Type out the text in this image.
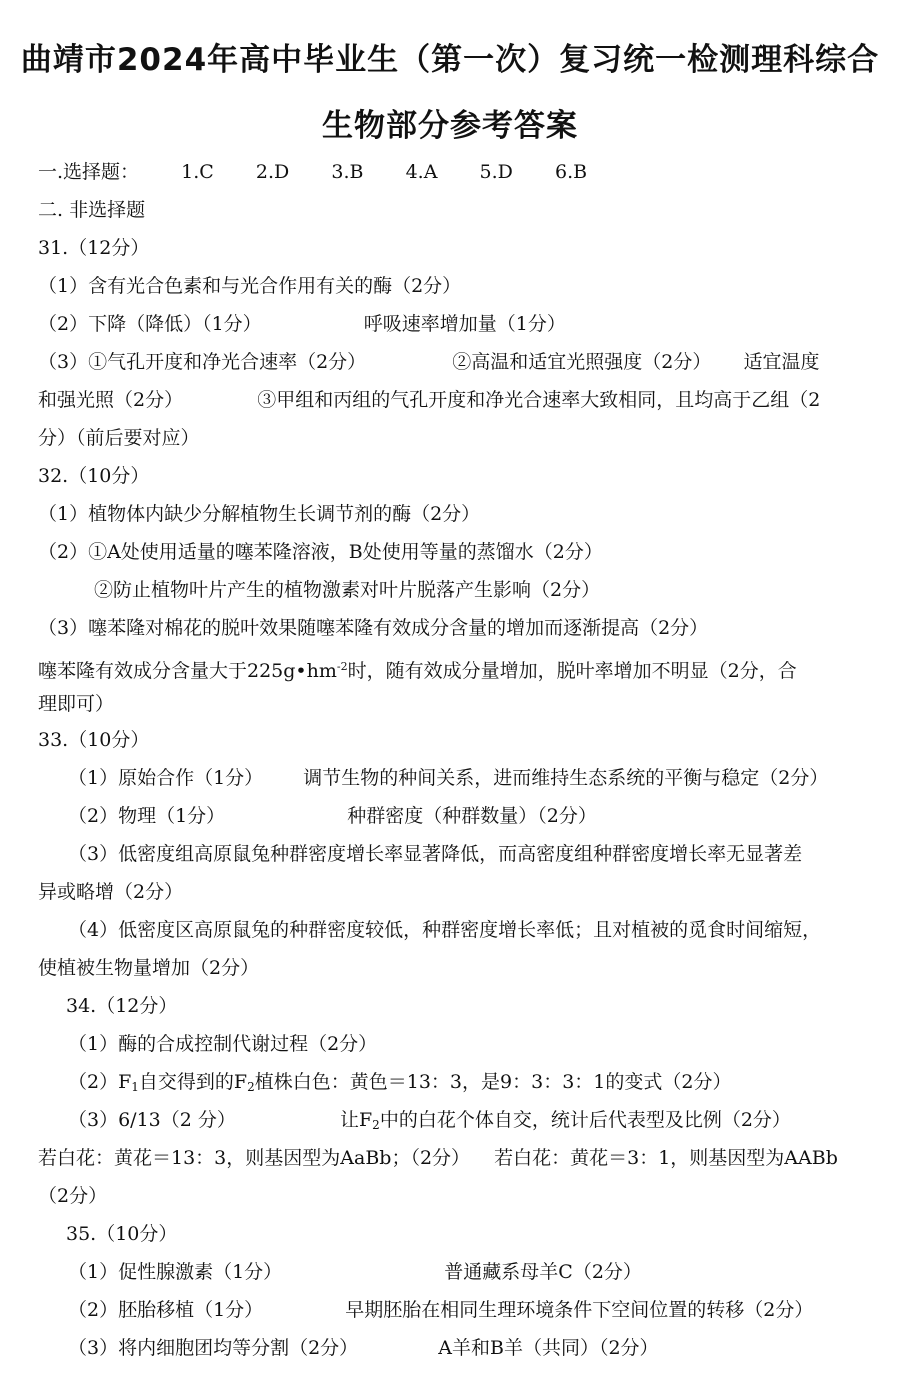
曲靖市2024年高中毕业生（第一次）复习统一检测理科综合
生物部分参考答案
一.选择题： 1.C 2.D 3.B 4.A 5.D 6.B
二. 非选择题
31.（12分）
（1）含有光合色素和与光合作用有关的酶（2分）
（2）下降（降低）（1分）	呼吸速率增加量（1分）
（3）①气孔开度和净光合速率（2分）	②高温和适宜光照强度（2分） 适宜温度
和强光照（2分）	③甲组和丙组的气孔开度和净光合速率大致相同，且均高于乙组（2
分）（前后要对应）
32.（10分）
（1）植物体内缺少分解植物生长调节剂的酶（2分）
（2）①A处使用适量的噻苯隆溶液，B处使用等量的蒸馏水（2分）
②防止植物叶片产生的植物激素对叶片脱落产生影响（2分）
（3）噻苯隆对棉花的脱叶效果随噻苯隆有效成分含量的增加而逐渐提高（2分）
噻苯隆有效成分含量大于$225g•hm^{-2}$时，随有效成分量增加，脱叶率增加不明显（2分，合
理即可）
33.（10分）
（1）原始合作（1分） 调节生物的种间关系，进而维持生态系统的平衡与稳定（2分）
（2）物理（1分）	种群密度（种群数量）（2分）
（3）低密度组高原鼠兔种群密度增长率显著降低，而高密度组种群密度增长率无显著差
异或略增（2分）
（4）低密度区高原鼠兔的种群密度较低，种群密度增长率低；且对植被的觅食时间缩短，
使植被生物量增加（2分）
34.（12分）
（1）酶的合成控制代谢过程（2分）
$(2)F_1$自交得到的$F_2$植株白色：黄色＝13：3，是9：3：3：1的变式（2分）
（3）6/13（2 分）	让$F_2$中的白花个体自交，统计后代表型及比例（2分）
若白花：黄花＝13：3，则基因型为AaBb；（2分） 若白花：黄花＝3：1，则基因型为AABb
（2分）
35.（10分）
（1）促性腺激素（1分）	普通藏系母羊C（2分）
（2）胚胎移植（1分）	早期胚胎在相同生理环境条件下空间位置的转移（2分）
（3）将内细胞团均等分割（2分）	A羊和B羊（共同）（2分）
